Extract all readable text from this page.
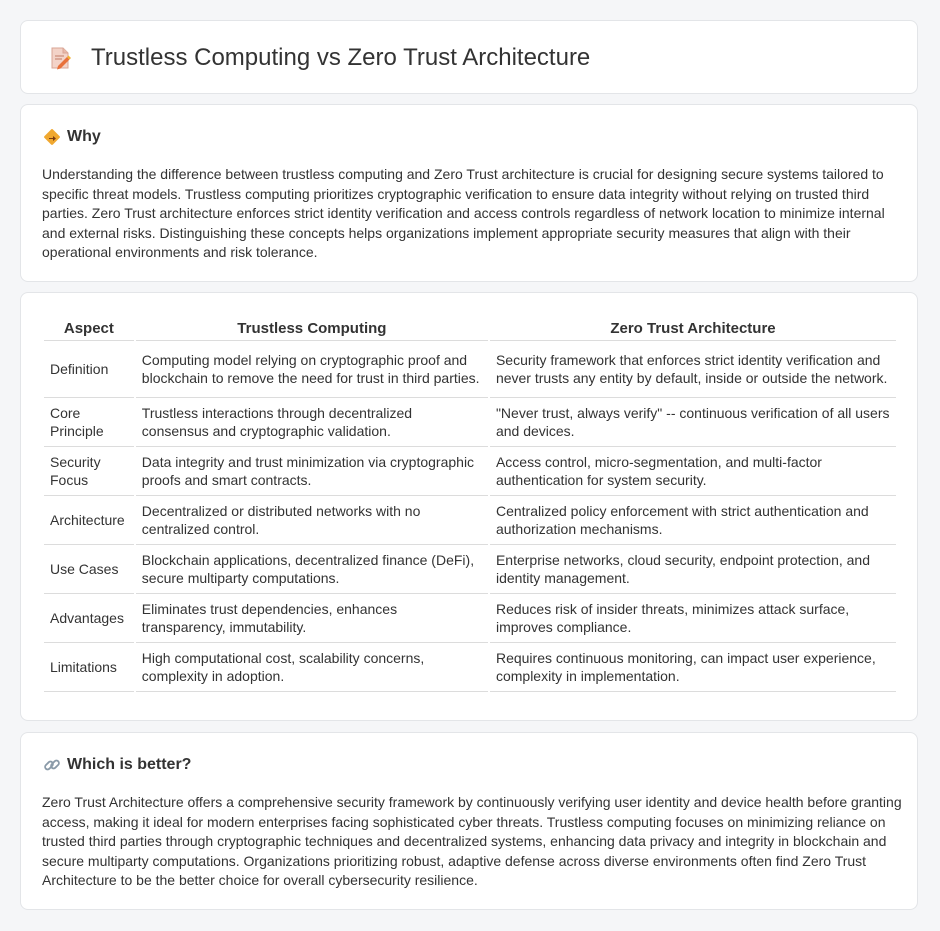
Trustless Computing vs Zero Trust Architecture
Why

Understanding the difference between trustless computing and Zero Trust architecture is crucial for designing secure systems tailored to specific threat models. Trustless computing prioritizes cryptographic verification to ensure data integrity without relying on trusted third parties. Zero Trust architecture enforces strict identity verification and access controls regardless of network location to minimize internal and external risks. Distinguishing these concepts helps organizations implement appropriate security measures that align with their operational environments and risk tolerance.

Aspect	Trustless Computing	Zero Trust Architecture
Definition	Computing model relying on cryptographic proof and blockchain to remove the need for trust in third parties.	Security framework that enforces strict identity verification and never trusts any entity by default, inside or outside the network.
Core Principle	Trustless interactions through decentralized consensus and cryptographic validation.	"Never trust, always verify" -- continuous verification of all users and devices.
Security Focus	Data integrity and trust minimization via cryptographic proofs and smart contracts.	Access control, micro-segmentation, and multi-factor authentication for system security.
Architecture	Decentralized or distributed networks with no centralized control.	Centralized policy enforcement with strict authentication and authorization mechanisms.
Use Cases	Blockchain applications, decentralized finance (DeFi), secure multiparty computations.	Enterprise networks, cloud security, endpoint protection, and identity management.
Advantages	Eliminates trust dependencies, enhances transparency, immutability.	Reduces risk of insider threats, minimizes attack surface, improves compliance.
Limitations	High computational cost, scalability concerns, complexity in adoption.	Requires continuous monitoring, can impact user experience, complexity in implementation.
Which is better?

Zero Trust Architecture offers a comprehensive security framework by continuously verifying user identity and device health before granting access, making it ideal for modern enterprises facing sophisticated cyber threats. Trustless computing focuses on minimizing reliance on trusted third parties through cryptographic techniques and decentralized systems, enhancing data privacy and integrity in blockchain and secure multiparty computations. Organizations prioritizing robust, adaptive defense across diverse environments often find Zero Trust Architecture to be the better choice for overall cybersecurity resilience.
